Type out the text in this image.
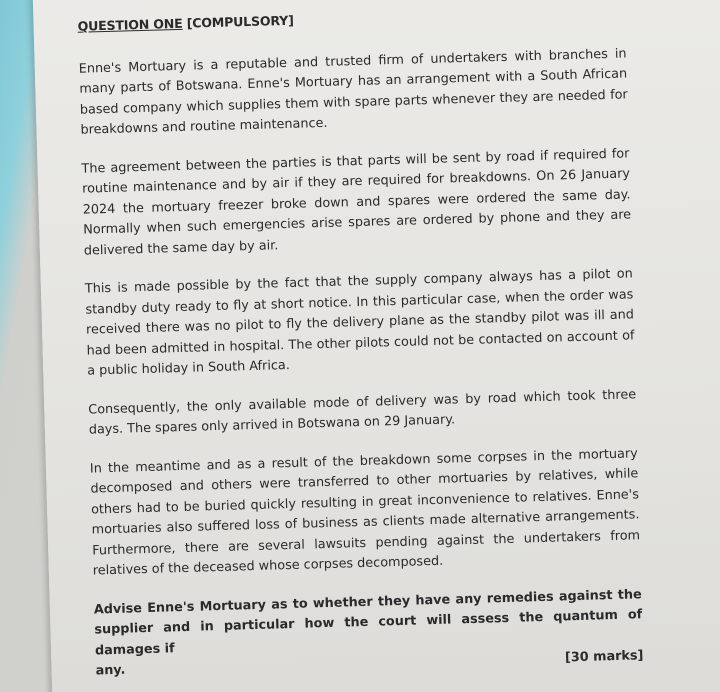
QUESTION ONE [COMPULSORY]

Enne's Mortuary is a reputable and trusted firm of undertakers with branches in many parts of Botswana. Enne's Mortuary has an arrangement with a South African based company which supplies them with spare parts whenever they are needed for breakdowns and routine maintenance.

The agreement between the parties is that parts will be sent by road if required for routine maintenance and by air if they are required for breakdowns. On 26 January 2024 the mortuary freezer broke down and spares were ordered the same day. Normally when such emergencies arise spares are ordered by phone and they are delivered the same day by air.

This is made possible by the fact that the supply company always has a pilot on standby duty ready to fly at short notice. In this particular case, when the order was received there was no pilot to fly the delivery plane as the standby pilot was ill and had been admitted in hospital. The other pilots could not be contacted on account of a public holiday in South Africa.

Consequently, the only available mode of delivery was by road which took three days. The spares only arrived in Botswana on 29 January.

In the meantime and as a result of the breakdown some corpses in the mortuary decomposed and others were transferred to other mortuaries by relatives, while others had to be buried quickly resulting in great inconvenience to relatives. Enne's mortuaries also suffered loss of business as clients made alternative arrangements. Furthermore, there are several lawsuits pending against the undertakers from relatives of the deceased whose corpses decomposed.

Advise Enne's Mortuary as to whether they have any remedies against the supplier and in particular how the court will assess the quantum of damages if

any.
[30 marks]
